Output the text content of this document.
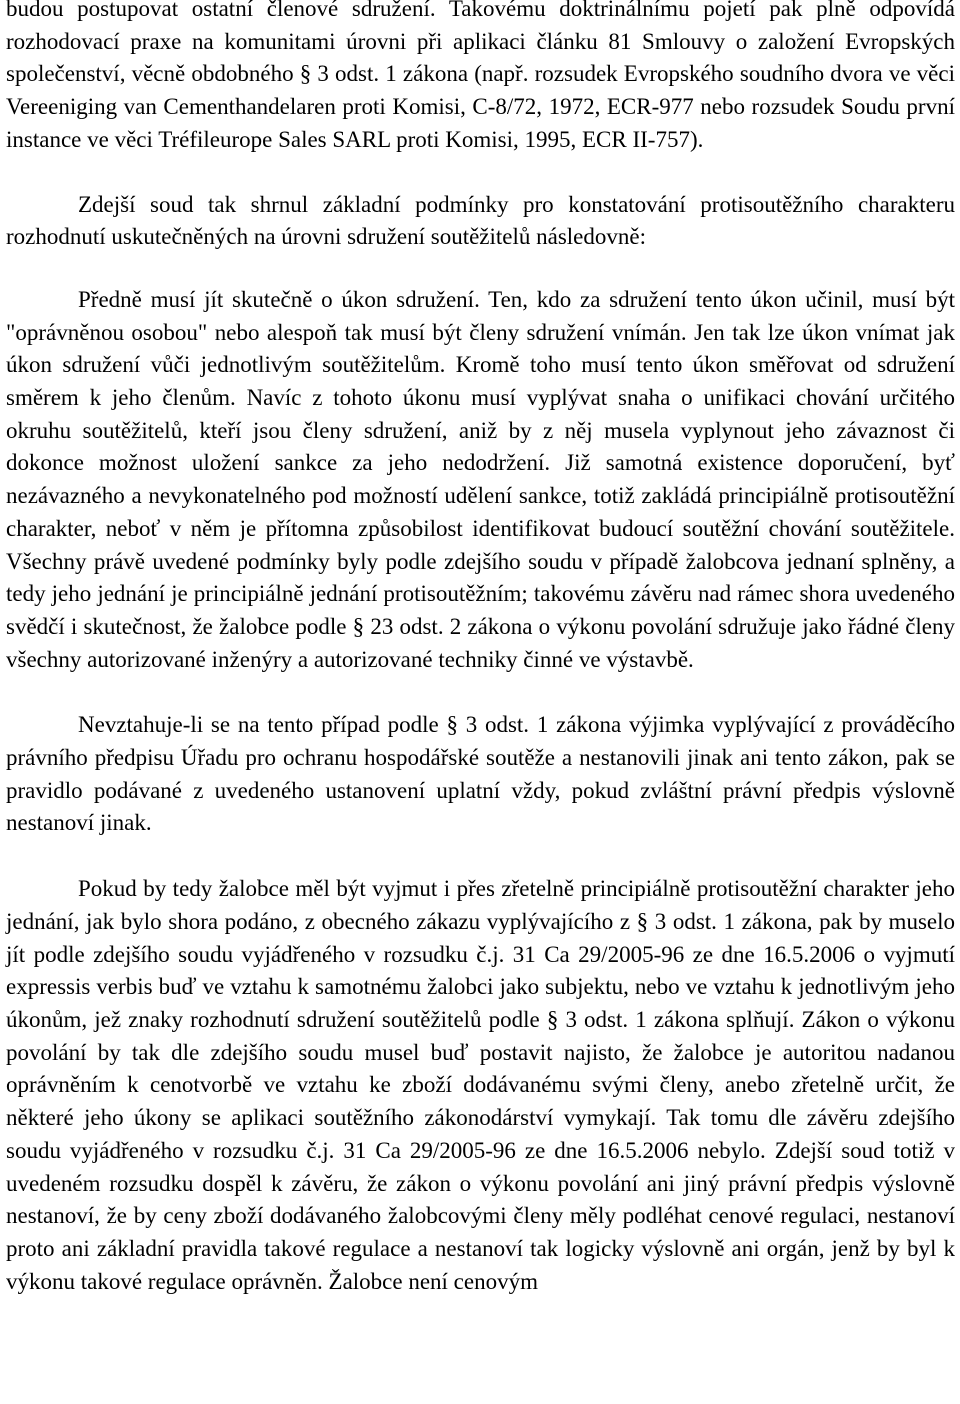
budou postupovat ostatní členové sdružení. Takovému doktrinálnímu pojetí pak plně odpovídá rozhodovací praxe na komunitami úrovni při aplikaci článku 81 Smlouvy o založení Evropských společenství, věcně obdobného § 3 odst. 1 zákona (např. rozsudek Evropského soudního dvora ve věci Vereeniging van Cementhandelaren proti Komisi, C-8/72, 1972, ECR-977 nebo rozsudek Soudu první instance ve věci Tréfileurope Sales SARL proti Komisi, 1995, ECR II-757).

Zdejší soud tak shrnul základní podmínky pro konstatování protisoutěžního charakteru rozhodnutí uskutečněných na úrovni sdružení soutěžitelů následovně:

Předně musí jít skutečně o úkon sdružení. Ten, kdo za sdružení tento úkon učinil, musí být "oprávněnou osobou" nebo alespoň tak musí být členy sdružení vnímán. Jen tak lze úkon vnímat jak úkon sdružení vůči jednotlivým soutěžitelům. Kromě toho musí tento úkon směřovat od sdružení směrem k jeho členům. Navíc z tohoto úkonu musí vyplývat snaha o unifikaci chování určitého okruhu soutěžitelů, kteří jsou členy sdružení, aniž by z něj musela vyplynout jeho závaznost či dokonce možnost uložení sankce za jeho nedodržení. Již samotná existence doporučení, byť nezávazného a nevykonatelného pod možností udělení sankce, totiž zakládá principiálně protisoutěžní charakter, neboť v něm je přítomna způsobilost identifikovat budoucí soutěžní chování soutěžitele. Všechny právě uvedené podmínky byly podle zdejšího soudu v případě žalobcova jednaní splněny, a tedy jeho jednání je principiálně jednání protisoutěžním; takovému závěru nad rámec shora uvedeného svědčí i skutečnost, že žalobce podle § 23 odst. 2 zákona o výkonu povolání sdružuje jako řádné členy všechny autorizované inženýry a autorizované techniky činné ve výstavbě.

Nevztahuje-li se na tento případ podle § 3 odst. 1 zákona výjimka vyplývající z prováděcího právního předpisu Úřadu pro ochranu hospodářské soutěže a nestanovili jinak ani tento zákon, pak se pravidlo podávané z uvedeného ustanovení uplatní vždy, pokud zvláštní právní předpis výslovně nestanoví jinak.

Pokud by tedy žalobce měl být vyjmut i přes zřetelně principiálně protisoutěžní charakter jeho jednání, jak bylo shora podáno, z obecného zákazu vyplývajícího z § 3 odst. 1 zákona, pak by muselo jít podle zdejšího soudu vyjádřeného v rozsudku č.j. 31 Ca 29/2005-96 ze dne 16.5.2006 o vyjmutí expressis verbis buď ve vztahu k samotnému žalobci jako subjektu, nebo ve vztahu k jednotlivým jeho úkonům, jež znaky rozhodnutí sdružení soutěžitelů podle § 3 odst. 1 zákona splňují. Zákon o výkonu povolání by tak dle zdejšího soudu musel buď postavit najisto, že žalobce je autoritou nadanou oprávněním k cenotvorbě ve vztahu ke zboží dodávanému svými členy, anebo zřetelně určit, že některé jeho úkony se aplikaci soutěžního zákonodárství vymykají. Tak tomu dle závěru zdejšího soudu vyjádřeného v rozsudku č.j. 31 Ca 29/2005-96 ze dne 16.5.2006 nebylo. Zdejší soud totiž v uvedeném rozsudku dospěl k závěru, že zákon o výkonu povolání ani jiný právní předpis výslovně nestanoví, že by ceny zboží dodávaného žalobcovými členy měly podléhat cenové regulaci, nestanoví proto ani základní pravidla takové regulace a nestanoví tak logicky výslovně ani orgán, jenž by byl k výkonu takové regulace oprávněn. Žalobce není cenovým
